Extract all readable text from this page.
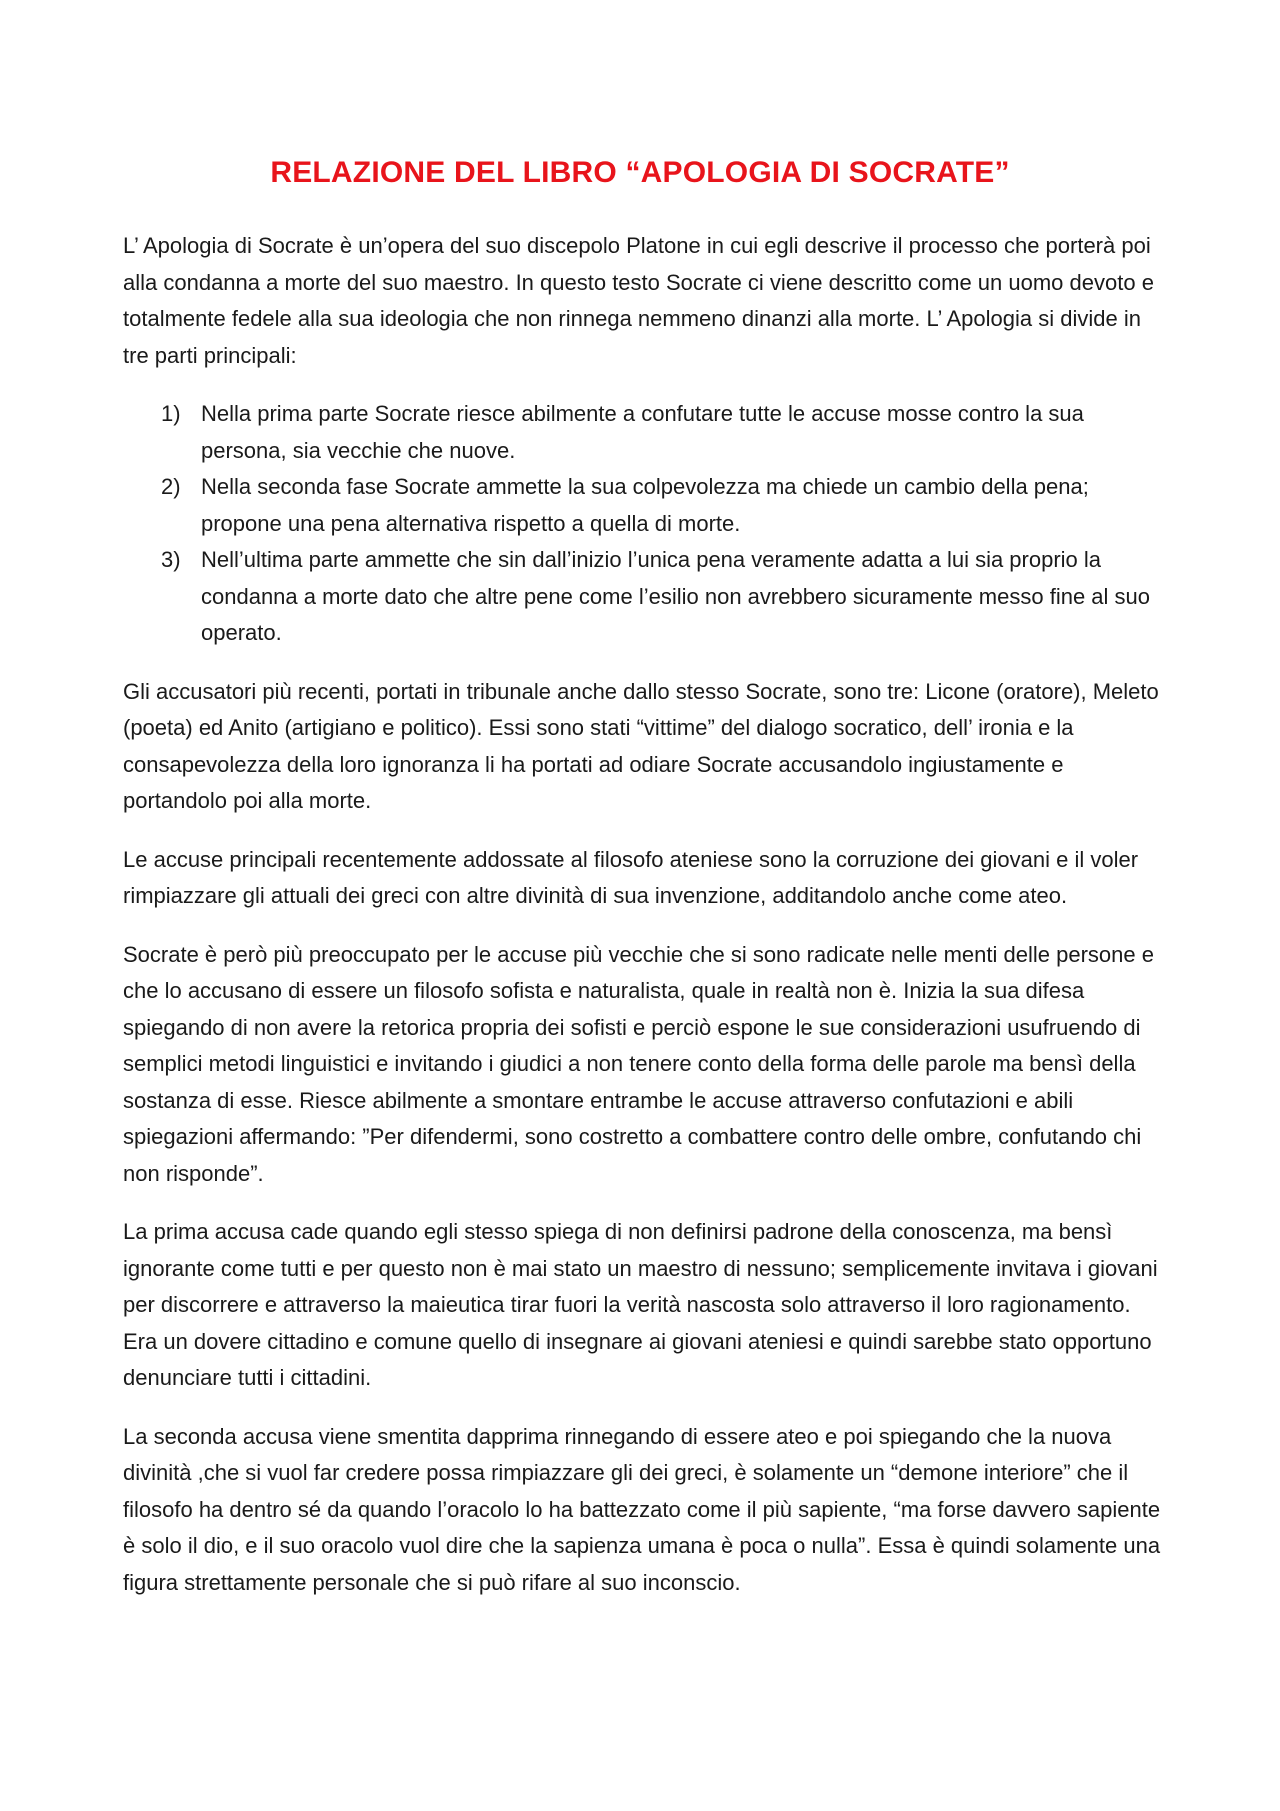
RELAZIONE DEL LIBRO “APOLOGIA DI SOCRATE”

L’ Apologia di Socrate è un’opera del suo discepolo Platone in cui egli descrive il processo che porterà poi alla condanna a morte del suo maestro. In questo testo Socrate ci viene descritto come un uomo devoto e totalmente fedele alla sua ideologia che non rinnega nemmeno dinanzi alla morte. L’ Apologia si divide in tre parti principali:

1) Nella prima parte Socrate riesce abilmente a confutare tutte le accuse mosse contro la sua persona, sia vecchie che nuove.
2) Nella seconda fase Socrate ammette la sua colpevolezza ma chiede un cambio della pena; propone una pena alternativa rispetto a quella di morte.
3) Nell’ultima parte ammette che sin dall’inizio l’unica pena veramente adatta a lui sia proprio la condanna a morte dato che altre pene come l’esilio non avrebbero sicuramente messo fine al suo operato.

Gli accusatori più recenti, portati in tribunale anche dallo stesso Socrate, sono tre: Licone (oratore), Meleto (poeta) ed Anito (artigiano e politico). Essi sono stati “vittime” del dialogo socratico, dell’ ironia e la consapevolezza della loro ignoranza li ha portati ad odiare Socrate accusandolo ingiustamente e portandolo poi alla morte.

Le accuse principali recentemente addossate al filosofo ateniese sono la corruzione dei giovani e il voler rimpiazzare gli attuali dei greci con altre divinità di sua invenzione, additandolo anche come ateo.

Socrate è però più preoccupato per le accuse più vecchie che si sono radicate nelle menti delle persone e che lo accusano di essere un filosofo sofista e naturalista, quale in realtà non è. Inizia la sua difesa spiegando di non avere la retorica propria dei sofisti e perciò espone le sue considerazioni usufruendo di semplici metodi linguistici e invitando i giudici a non tenere conto della forma delle parole ma bensì della sostanza di esse. Riesce abilmente a smontare entrambe le accuse attraverso confutazioni e abili spiegazioni affermando: ”Per difendermi, sono costretto a combattere contro delle ombre, confutando chi non risponde”.

La prima accusa cade quando egli stesso spiega di non definirsi padrone della conoscenza, ma bensì ignorante come tutti e per questo non è mai stato un maestro di nessuno; semplicemente invitava i giovani per discorrere e attraverso la maieutica tirar fuori la verità nascosta solo attraverso il loro ragionamento. Era un dovere cittadino e comune quello di insegnare ai giovani ateniesi e quindi sarebbe stato opportuno denunciare tutti i cittadini.

La seconda accusa viene smentita dapprima rinnegando di essere ateo e poi spiegando che la nuova divinità ,che si vuol far credere possa rimpiazzare gli dei greci, è solamente un “demone interiore” che il filosofo ha dentro sé da quando l’oracolo lo ha battezzato come il più sapiente, “ma forse davvero sapiente è solo il dio, e il suo oracolo vuol dire che la sapienza umana è poca o nulla”. Essa è quindi solamente una figura strettamente personale che si può rifare al suo inconscio.
